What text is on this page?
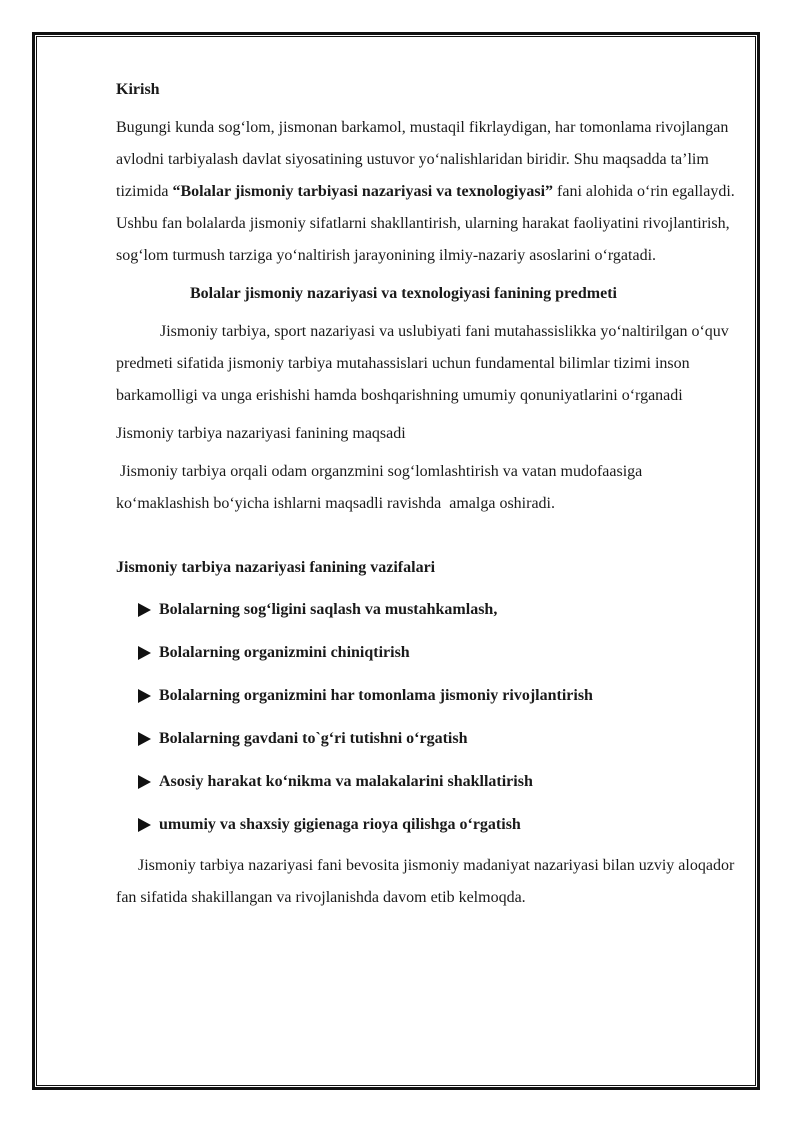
Kirish

Bugungi kunda sog‘lom, jismonan barkamol, mustaqil fikrlaydigan, har tomonlama rivojlangan avlodni tarbiyalash davlat siyosatining ustuvor yo‘nalishlaridan biridir. Shu maqsadda ta’lim tizimida “Bolalar jismoniy tarbiyasi nazariyasi va texnologiyasi” fani alohida o‘rin egallaydi. Ushbu fan bolalarda jismoniy sifatlarni shakllantirish, ularning harakat faoliyatini rivojlantirish, sog‘lom turmush tarziga yo‘naltirish jarayonining ilmiy-nazariy asoslarini o‘rgatadi.

Bolalar jismoniy nazariyasi va texnologiyasi fanining predmeti

Jismoniy tarbiya, sport nazariyasi va uslubiyati fani mutahassislikka yo‘naltirilgan o‘quv predmeti sifatida jismoniy tarbiya mutahassislari uchun fundamental bilimlar tizimi inson barkamolligi va unga erishishi hamda boshqarishning umumiy qonuniyatlarini o‘rganadi

Jismoniy tarbiya nazariyasi fanining maqsadi

Jismoniy tarbiya orqali odam organzmini sog‘lomlashtirish va vatan mudofaasiga ko‘maklashish bo‘yicha ishlarni maqsadli ravishda  amalga oshiradi.

Jismoniy tarbiya nazariyasi fanining vazifalari

Bolalarning sog‘ligini saqlash va mustahkamlash,
Bolalarning organizmini chiniqtirish
Bolalarning organizmini har tomonlama jismoniy rivojlantirish
Bolalarning gavdani to`g‘ri tutishni o‘rgatish
Asosiy harakat ko‘nikma va malakalarini shakllatirish
umumiy va shaxsiy gigienaga rioya qilishga o‘rgatish

Jismoniy tarbiya nazariyasi fani bevosita jismoniy madaniyat nazariyasi bilan uzviy aloqador fan sifatida shakillangan va rivojlanishda davom etib kelmoqda.
